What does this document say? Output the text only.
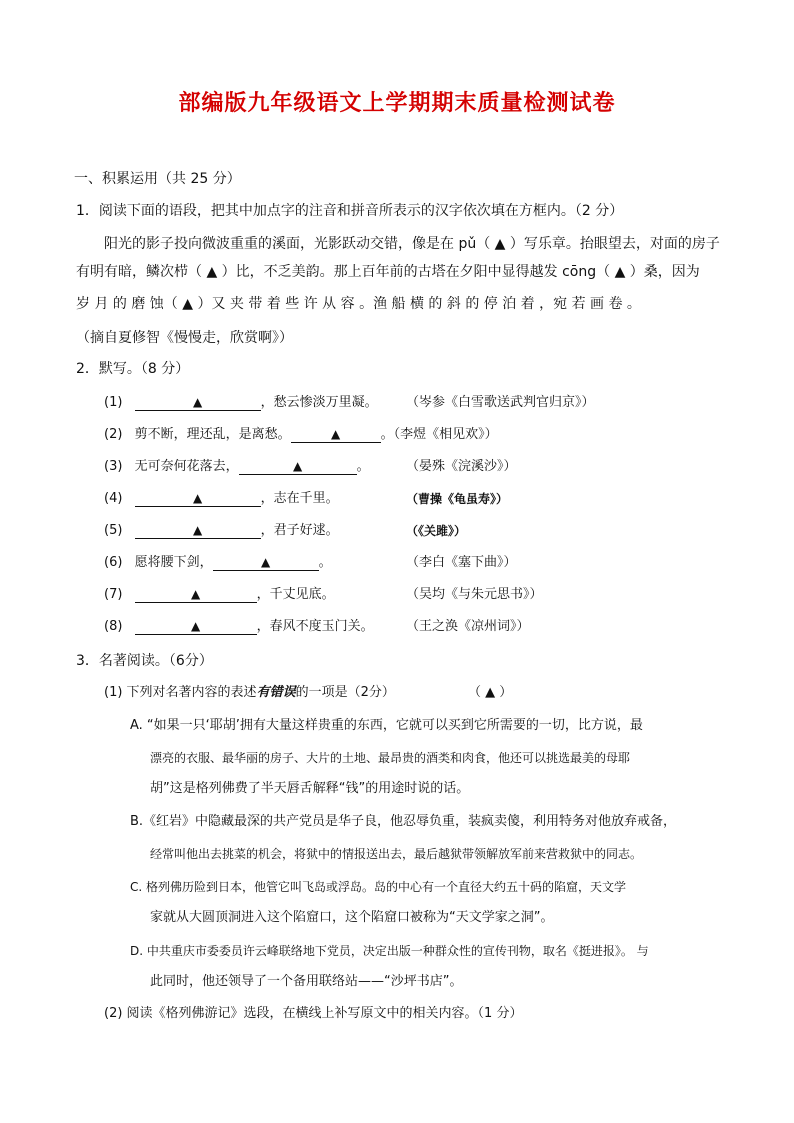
部编版九年级语文上学期期末质量检测试卷
一、积累运用（共 25 分）
1．阅读下面的语段，把其中加点字的注音和拼音所表示的汉字依次填在方框内。（2 分）
阳光的影子投向微波重重的溪面，光影跃动交错，像是在 pǔ（ ▲ ）写乐章。抬眼望去，对面的房子
有明有暗，鳞次栉（ ▲ ）比，不乏美韵。那上百年前的古塔在夕阳中显得越发 cōng（ ▲ ）桑，因为
岁 月 的 磨 蚀（ ▲ ）又 夹 带 着 些 许 从 容 。渔 船 横 的 斜 的 停 泊 着 ，宛 若 画 卷 。
（摘自夏修智《慢慢走，欣赏啊》）
2．默写。（8 分）
(1)	▲	，愁云惨淡万里凝。 （岑参《白雪歌送武判官归京》）
(2) 剪不断，理还乱，是离愁。	▲	。（李煜《相见欢》）
(3) 无可奈何花落去，	▲	。	（晏殊《浣溪沙》）
(4)	▲	，志在千里。	（曹操《龟虽寿》）
(5)	▲	，君子好逑。	（《关雎》）
(6) 愿将腰下剑，	▲	。	（李白《塞下曲》）
(7)	▲	，千丈见底。	（吴均《与朱元思书》）
(8)	▲	，春风不度玉门关。 （王之涣《凉州词》）
3．名著阅读。（6分）
(1) 下列对名著内容的表述有错误的一项是（2分）	（ ▲ ）
A. “如果一只‘耶胡’拥有大量这样贵重的东西，它就可以买到它所需要的一切，比方说，最
漂亮的衣服、最华丽的房子、大片的土地、最昂贵的酒类和肉食，他还可以挑选最美的母耶
胡”这是格列佛费了半天唇舌解释“钱”的用途时说的话。
B.《红岩》中隐藏最深的共产党员是华子良，他忍辱负重，装疯卖傻，利用特务对他放弃戒备，
经常叫他出去挑菜的机会，将狱中的情报送出去，最后越狱带领解放军前来营救狱中的同志。
C. 格列佛历险到日本，他管它叫飞岛或浮岛。岛的中心有一个直径大约五十码的陷窟，天文学
家就从大圆顶洞进入这个陷窟口，这个陷窟口被称为“天文学家之洞”。
D. 中共重庆市委委员许云峰联络地下党员，决定出版一种群众性的宣传刊物，取名《挺进报》。 与
此同时，他还领导了一个备用联络站——“沙坪书店”。
(2) 阅读《格列佛游记》选段，在横线上补写原文中的相关内容。（1 分）
